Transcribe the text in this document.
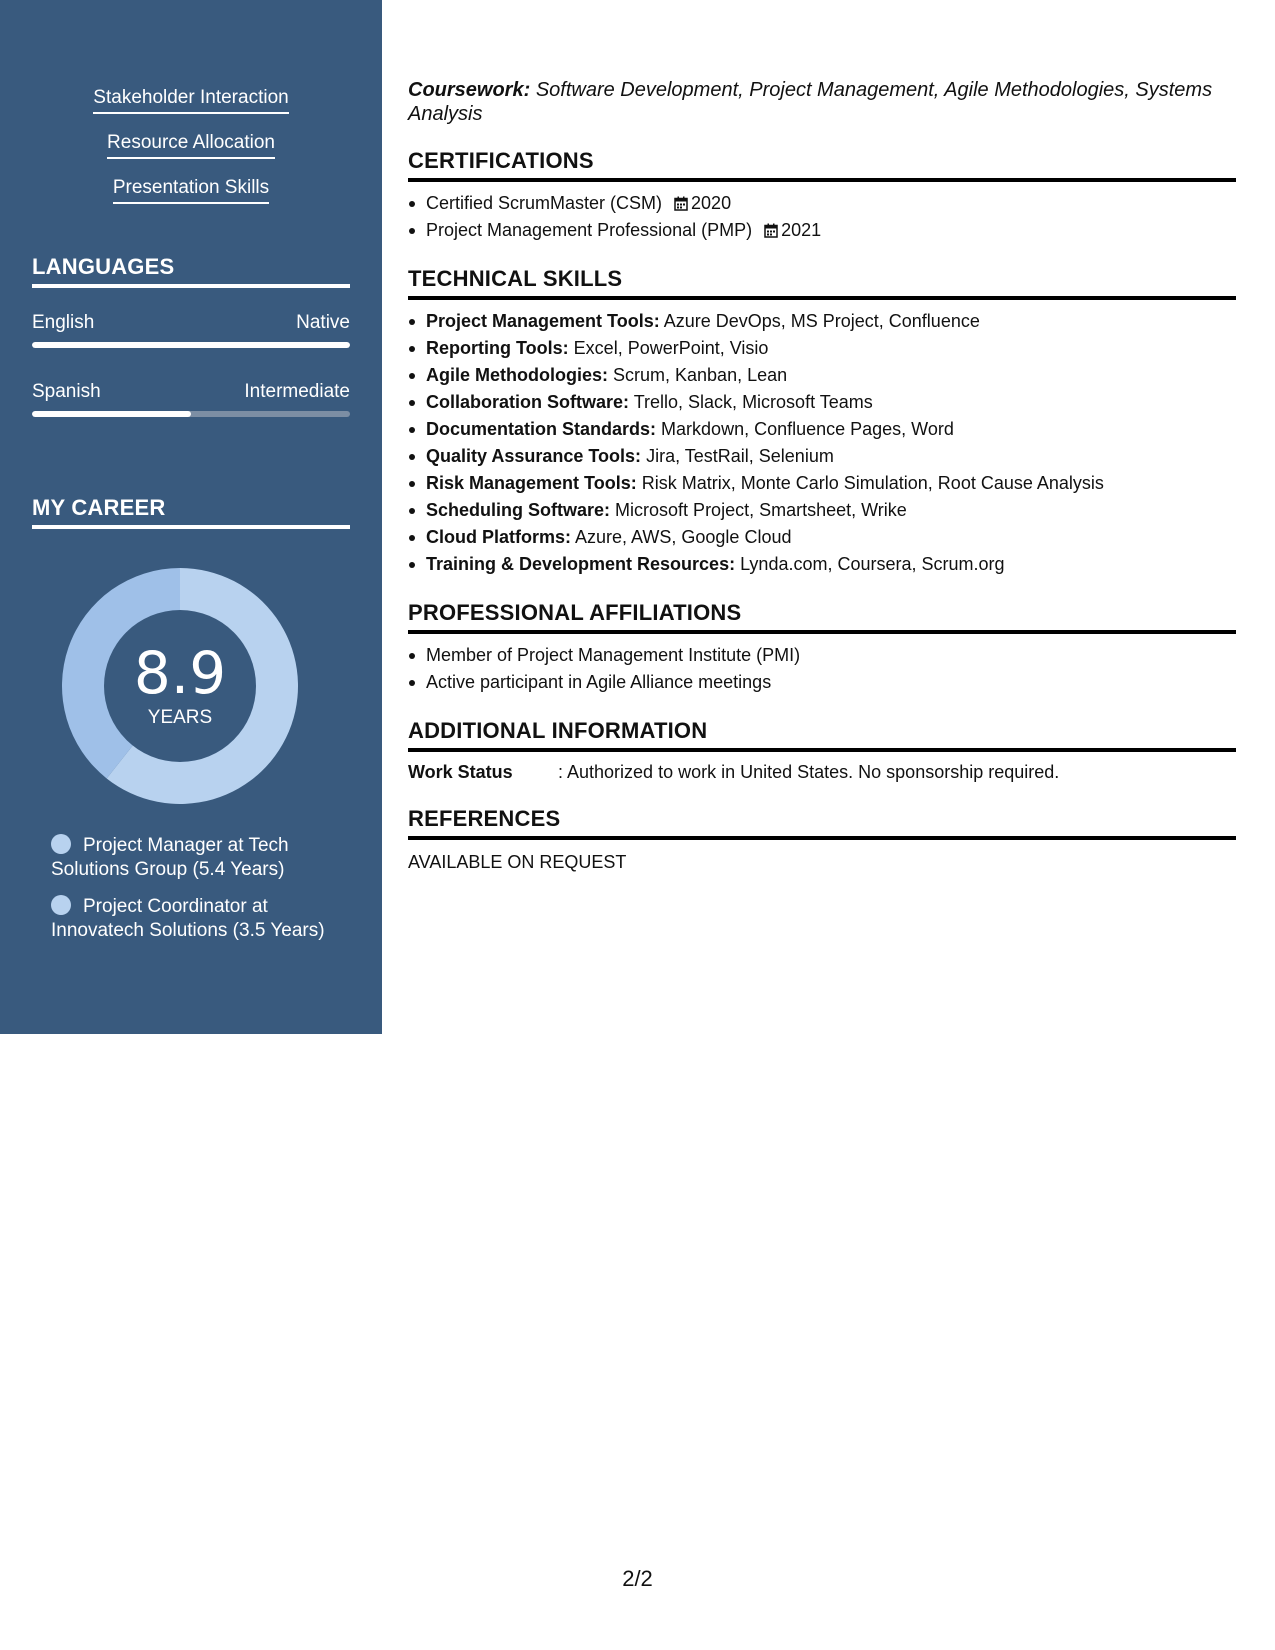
Stakeholder Interaction
Resource Allocation
Presentation Skills
LANGUAGES
English	Native
Spanish	Intermediate
MY CAREER
8.9
YEARS
Project Manager at Tech Solutions Group (5.4 Years)
Project Coordinator at Innovatech Solutions (3.5 Years)

Coursework: Software Development, Project Management, Agile Methodologies, Systems Analysis

CERTIFICATIONS
Certified ScrumMaster (CSM) 2020
Project Management Professional (PMP) 2021
TECHNICAL SKILLS
Project Management Tools: Azure DevOps, MS Project, Confluence
Reporting Tools: Excel, PowerPoint, Visio
Agile Methodologies: Scrum, Kanban, Lean
Collaboration Software: Trello, Slack, Microsoft Teams
Documentation Standards: Markdown, Confluence Pages, Word
Quality Assurance Tools: Jira, TestRail, Selenium
Risk Management Tools: Risk Matrix, Monte Carlo Simulation, Root Cause Analysis
Scheduling Software: Microsoft Project, Smartsheet, Wrike
Cloud Platforms: Azure, AWS, Google Cloud
Training & Development Resources: Lynda.com, Coursera, Scrum.org
PROFESSIONAL AFFILIATIONS
Member of Project Management Institute (PMI)
Active participant in Agile Alliance meetings
ADDITIONAL INFORMATION
Work Status	: Authorized to work in United States. No sponsorship required.
REFERENCES

AVAILABLE ON REQUEST

2/2
